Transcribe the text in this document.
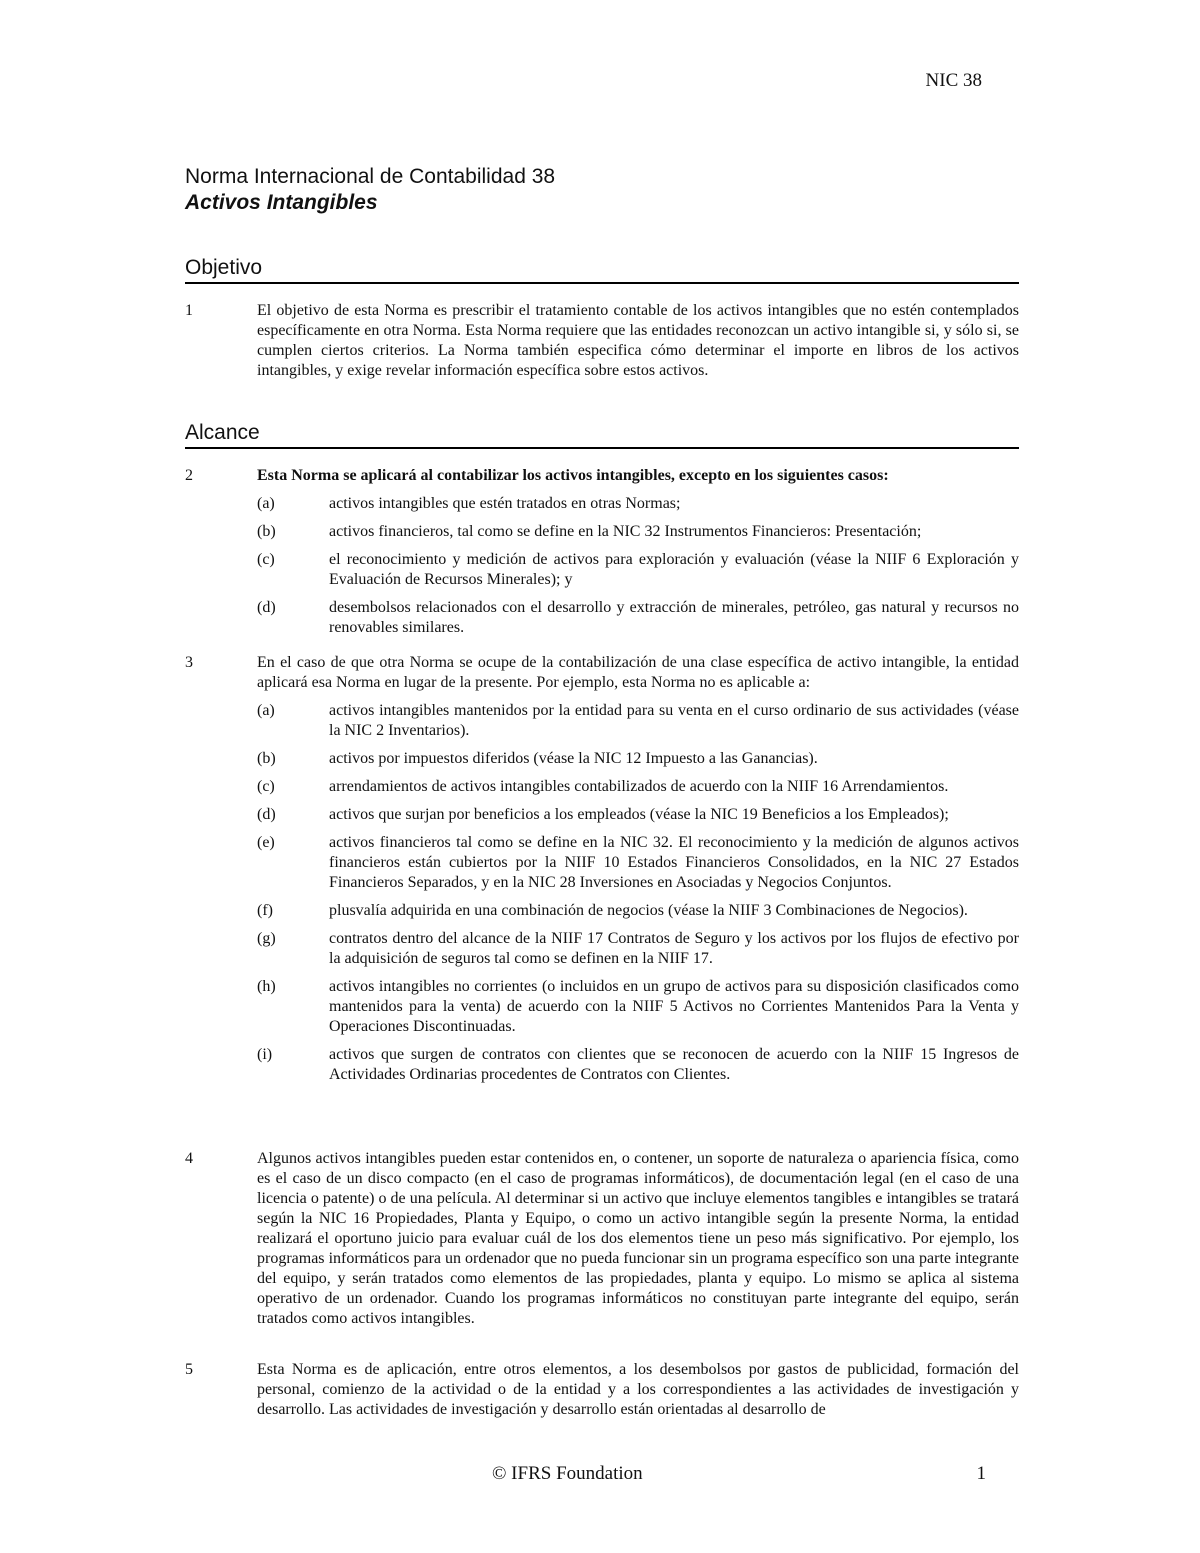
NIC 38
Norma Internacional de Contabilidad 38
Activos Intangibles
Objetivo
1	El objetivo de esta Norma es prescribir el tratamiento contable de los activos intangibles que no estén contemplados específicamente en otra Norma. Esta Norma requiere que las entidades reconozcan un activo intangible si, y sólo si, se cumplen ciertos criterios. La Norma también especifica cómo determinar el importe en libros de los activos intangibles, y exige revelar información específica sobre estos activos.
Alcance
2	Esta Norma se aplicará al contabilizar los activos intangibles, excepto en los siguientes casos:
(a)	activos intangibles que estén tratados en otras Normas;
(b)	activos financieros, tal como se define en la NIC 32 Instrumentos Financieros: Presentación;
(c)	el reconocimiento y medición de activos para exploración y evaluación (véase la NIIF 6 Exploración y Evaluación de Recursos Minerales); y
(d)	desembolsos relacionados con el desarrollo y extracción de minerales, petróleo, gas natural y recursos no renovables similares.
3	En el caso de que otra Norma se ocupe de la contabilización de una clase específica de activo intangible, la entidad aplicará esa Norma en lugar de la presente. Por ejemplo, esta Norma no es aplicable a:
(a)	activos intangibles mantenidos por la entidad para su venta en el curso ordinario de sus actividades (véase la NIC 2 Inventarios).
(b)	activos por impuestos diferidos (véase la NIC 12 Impuesto a las Ganancias).
(c)	arrendamientos de activos intangibles contabilizados de acuerdo con la NIIF 16 Arrendamientos.
(d)	activos que surjan por beneficios a los empleados (véase la NIC 19 Beneficios a los Empleados);
(e)	activos financieros tal como se define en la NIC 32. El reconocimiento y la medición de algunos activos financieros están cubiertos por la NIIF 10 Estados Financieros Consolidados, en la NIC 27 Estados Financieros Separados, y en la NIC 28 Inversiones en Asociadas y Negocios Conjuntos.
(f)	plusvalía adquirida en una combinación de negocios (véase la NIIF 3 Combinaciones de Negocios).
(g)	contratos dentro del alcance de la NIIF 17 Contratos de Seguro y los activos por los flujos de efectivo por la adquisición de seguros tal como se definen en la NIIF 17.
(h)	activos intangibles no corrientes (o incluidos en un grupo de activos para su disposición clasificados como mantenidos para la venta) de acuerdo con la NIIF 5 Activos no Corrientes Mantenidos Para la Venta y Operaciones Discontinuadas.
(i)	activos que surgen de contratos con clientes que se reconocen de acuerdo con la NIIF 15 Ingresos de Actividades Ordinarias procedentes de Contratos con Clientes.
4	Algunos activos intangibles pueden estar contenidos en, o contener, un soporte de naturaleza o apariencia física, como es el caso de un disco compacto (en el caso de programas informáticos), de documentación legal (en el caso de una licencia o patente) o de una película. Al determinar si un activo que incluye elementos tangibles e intangibles se tratará según la NIC 16 Propiedades, Planta y Equipo, o como un activo intangible según la presente Norma, la entidad realizará el oportuno juicio para evaluar cuál de los dos elementos tiene un peso más significativo. Por ejemplo, los programas informáticos para un ordenador que no pueda funcionar sin un programa específico son una parte integrante del equipo, y serán tratados como elementos de las propiedades, planta y equipo. Lo mismo se aplica al sistema operativo de un ordenador. Cuando los programas informáticos no constituyan parte integrante del equipo, serán tratados como activos intangibles.
5	Esta Norma es de aplicación, entre otros elementos, a los desembolsos por gastos de publicidad, formación del personal, comienzo de la actividad o de la entidad y a los correspondientes a las actividades de investigación y desarrollo. Las actividades de investigación y desarrollo están orientadas al desarrollo de
© IFRS Foundation	1
